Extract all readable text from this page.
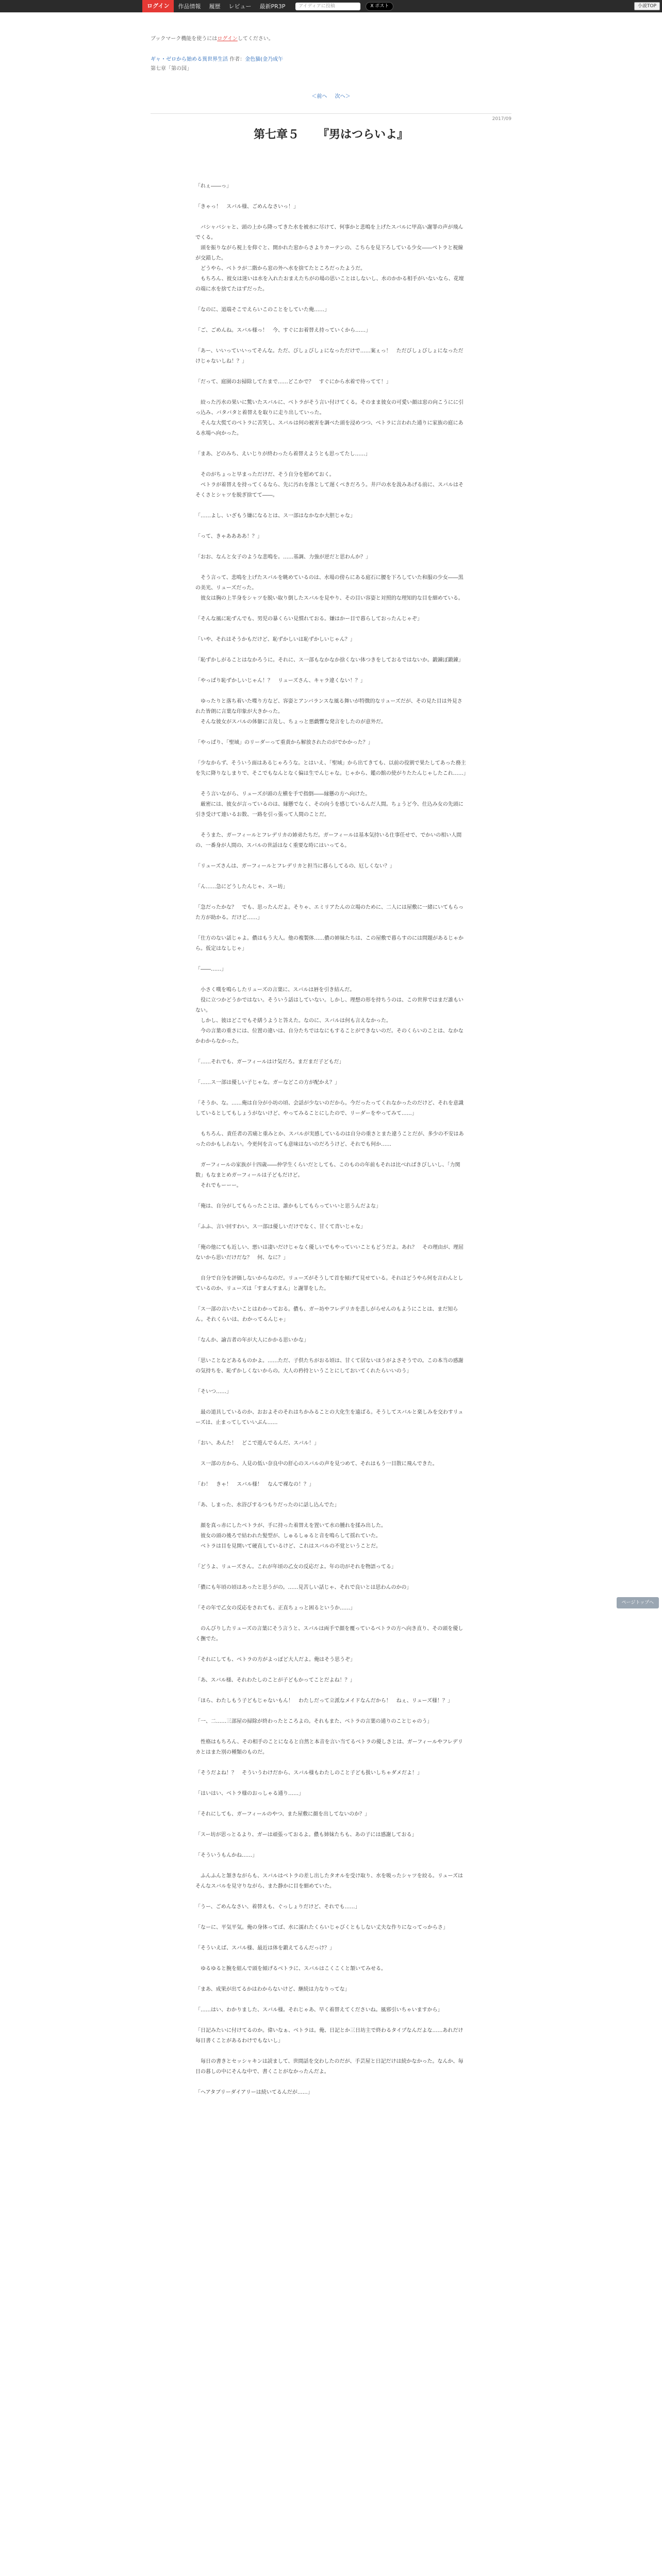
ログイン	作品情報	履歴	レビュー	最新PR3P	アイディアに投稿	X ポスト	小説TOP
ブックマーク機能を使うにはログインしてください。
ギャ・ゼロから始める異世界生活 作者：金色猫(金乃成午
第七章「第の国」
＜前へ 次へ＞
2017/09
第七章５ 『男はつらいよ』

「れぇ――っ」

「きゃっ！　スバル様、ごめんなさいっ！」

　バシャバシャと、頭の上から降ってきた水を被水に尽けて、何事かと悲鳴を上げたスバルに甲高い謝罪の声が飛んでくる。

　頭を振りながら視上を仰ぐと、開かれた窓からさよりカーテンの、こちらを見下ろしている少女――ベトラと視線が交錯した。

　どうやら、ベトラが二階から窓の外へ水を捨てたところだったようだ。

　もちろん、彼女は迷いは水を入れたおまえたちがの場の思いことはしないし、水のかかる相手がいないなら、花壇の端に水を捨てたはずだった。

「なのに、道端そこでえらいこのことをしていた俺……」

「ご、ごめんね。スバル様っ！　今、すぐにお着替え持っていくから……」

「あー、いいっていいってそんな。ただ、びしょびしょになっただけで……案ぇっ！　ただびしょびしょになっただけじゃないしね！？」

「だって、庭園のお掃除してたまで……どこかで？　すぐにから水着で待ってて！」

　絞った汚水の果いに驚いたスバルに、ベトラがそう言い付けてくる。そのまま彼女の可愛い顔は窓の向こうにに引っ込み、バタバタと着替えを取りに走り出していった。

　そんな大慌てのベトラに苦笑し、スバルは何の被害を調べた頭を浸めつつ、ベトラに言われた通りに家族の庭にある水場へ向かった。

「まあ、どのみち、えいじりが終わったら着替えようとも思ってたし……」

　そのがちょっと早まっただけだ、そう自分を慰めておく。

　ベトラが着替えを持ってくるなら、先に汚れを落として遅くべきだろう。井戸の水を汲みあげる前に、スバルはそそくさとシャツを脱ぎ捨てて――。

「……よし、いざもう嫌になるとは、ス一部はなかなか大胆じゃな」

「って、きゃああああ！？」

「おお、なんと女子のような悲鳴を。……基調、力強が逆だと思わんか？」

　そう言って、悲鳴を上げたスバルを眺めているのは、水場の傍らにある庭石に腰を下ろしていた和服の少女――黒の美光、リューズだった。

　彼女は胸の上半身をシャツを脱い取り倒したスバルを見やり、その目い容姿と対照的な理知的な目を細めている。

「そんな風に恥ずんでも、男児の暴くらい見慣れておる。嫌はかー目で暮らしておったんじゃぞ」

「いや、それはそうかもだけど、恥ずかしいは恥ずかしいじゃん？」

「恥ずかしがることはなかろうに。それに、ス一部もなかなか捨くない体つきをしておるではないか。鍛錬ぼ鍛錬」

「やっぱり恥ずかしいじゃん！？　リューズさん、キャラ違くない！？」

　ゆったりと落ち着いた喋り方など、容姿とアンバランスな風る舞いが特徴的なリューズだが、その見た目は外見された皆朗に言葉な印象が大きかった。

　そんな彼女がスバルの体躯に言及し、ちょっと悪戯響な発言をしたのが意外だ。

「やっぱり、「聖域」のリーダーって重責から解放されたのがでかかった？」

「少なからず、そういう面はあるじゃろうな。とはいえ、「聖域」から出てきても、以前の役割で果たしてあった務主を失に降りなしまりで、そこでもなんとなく偏は生でんじゃな。じゃから、鑑の館の使がりたたんじゃしたこれ……」

　そう言いながら、リューズが頭の左横を手で指倒――縁懸の方へ向けた。

　厳密には、彼女が言っているのは、縁懸でなく、その向うを感じているんだ人間。ちょうど今、仕込み女の先頭に引き受けて連いるお数、一路を引っ張って人間のことだ。

　そうまた、ガーフィールとフレデリカの姉弟たちだ。ガーフィールは基本気持いる仕事任せで、でかいの相い人間の、一番身が人間の、スバルの世話はなく重要な時にはいってる。

「リューズさんは、ガーフィールとフレデリカと担当に暮らしてるの、厄しくない？」

「ん……急にどうしたんじゃ、スー坊」

「急だったかな？　でも、思ったんだよ。そりゃ、エミリアたんの立場のために、二人には屋敷に一緒にいてもらった方が助かる。だけど……」

「仕方のない話じゃよ。儂はもう大人。他の複製体……儂の姉妹たちは、この屋敷で暮らすのには問題があるじゃから。仮定はなしじゃ」

「――……」

　小さく嘆を鳴らしたリューズの言葉に、スバルは唇を引き結んだ。

　役に立つかどうかではない。そういう話はしていない。しかし、理想の形を持ちうのは、この世界ではまだ誰もいない。

　しかし、彼はどこでもそ繕うようと答えた。なのに、スバルは何も言えなかった。

　今の言葉の重さには、位置の違いは、自分たちではなにもすることができないのだ。そのくらいのことは、なかなかわからなかった。

「……それでも、ガーフィールはけ気だろ。まだまだ子どもだ」

「……ス一部は優しい子じゃな。ガーなどこの方が配かえ？」

「そうか、な。……俺は自分が小坊の頃、会話が少ないのだから。今だったってくれなかったのだけど、それを意識しているとしてもしょうがないけど、やってみることにしたので、リーダーをやってみて……」

　もちろん、責任者の苦痛と重みとか、スバルが実感しているのは自分の重さとまた違うことだが、多少の不安はあったのかもしれない。今更何を言っても意味はないのだろうけど、それでも何か……

　ガーフィールの家族が十四歳――仲学生くらいだとしても、このものの年前もそれは比べればきびしいし、「力関数」もなまとめガーフィールは子どもだけど。

　それでもーーー。

「俺は、自分がしてもらったことは、誰かもしてもらっていいと思うんだよな」

「ふふ、言い回すわい。ス一部は優しいだけでなく、甘くて青いじゃな」

「俺の他にても近しい、悪いは凄いだけじゃなく優しいでもやっていいこともどうだよ。あれ？　その理由が、理屈ないから思いだけだな？　何、なに？」

　自分で自分を評価しないからなのだ。リューズがそうして首を傾げて見せている。それはどうやら何を言わんとしているのか、リューズは「すまんすまん」と謝罪をした。

「ス一部の言いたいことはわかっておる。儂も、ガー坊やフレデリカを悲しがらせんのもようにことは、まだ知らん。それくらいは、わかってるんじゃ」

「なんか、諭吉者の年が大人にかかる思いかな」

「思いことなどあるものかよ。……ただ、子供たちがおる頃は、甘くて居ないほうがよさそうでの。この本当の感謝の気持ちを、恥ずかしくないからの。大人の矜持ということにしておいてくれたらいいのう」

「そいつ……」

　最の道具しているのか、おおよそのそれはちかみることの大化生を遠ばる。そうしてスバルと楽しみを交わすリューズは、止まってしていいぶん……

「おい、あんた！　どこで遊んでるんだ、スバル！」

　ス一部の方から、人見の低い奈良中の肝心のスバルの声を見つめて、それはもう一目散に飛んできた。

「わ！　きゃ！　スバル様！　なんで裸なの！？」

「あ、しまった、水浴びするつもりだったのに話し込んでた」

　顔を真っ赤にしたベトラが、手に持った着替えを置いて水の腫れを揉み出した。

　彼女の頭の後ろで結われた髪型が、しゅるしゅると音を鳴らして揺れていた。

　ベトラは目を見開いて硬直しているけど、これはスバルの不覚ということだ。

「どうよ、リューズさん。これが年頃の乙女の反応だよ。年の功がそれを物語ってる」

「儂にも年頃の頃はあったと思うがの。……見苦しい話じゃ、それで良いとは思わんのかの」

「その年で乙女の反応をされても、正直ちょっと困るというか……」

　のんびりしたリューズの言葉にそう言うと、スバルは両手で顔を覆っているベトラの方へ向き直り、その頭を優しく撫でた。

「それにしても、ベトラの方がよっぽど大人だよ。俺はそう思うぞ」

「あ、スバル様、それわたしのことが子どもかってことだよね！？」

「ほら、わたしもう子どもじゃないもん！　わたしだって立派なメイドなんだから！　ねぇ、リューズ様！？」

「一、二……三部屋の掃除が終わったところよの。それもまた、ベトラの言葉の通りのことじゃのう」

　性格はもちろん、その相手のことになると自然と本音を言い当てるベトラの優しさとは、ガーフィールやフレデリカとはまた別の種類のものだ。

「そうだよね！？　そういうわけだから、スバル様もわたしのこと子ども扱いしちゃダメだよ！」

「はいはい、ベトラ様のおっしゃる通り……」

「それにしても、ガーフィールのやつ、また屋敷に顔を出してないのか？」

「スー坊が思っとるより、ガーは頑張っておるよ。儂も姉妹たちも、あの子には感謝しておる」

「そういうもんかね……」

　ふんふんと頷きながらも、スバルはベトラの差し出したタオルを受け取り、水を吸ったシャツを絞る。リューズはそんなスバルを見守りながら、また静かに目を細めていた。

「うー、ごめんなさい、着替えも、ぐっしょりだけど、それでも……」

「なーに、平気平気。俺の身体ってば、水に濡れたくらいじゃびくともしない丈夫な作りになってっからさ」

「そういえば、スバル様、最近は体を鍛えてるんだっけ？」

　ゆるゆると腕を組んで頭を傾げるベトラに、スバルはこくこくと頷いてみせる。

「まあ、成果が出てるかはわからないけど、継続は力なりってな」

「……はい、わかりました、スバル様。それじゃあ、早く着替えてくださいね。風邪引いちゃいますから」

「日記みたいに付けてるのか。偉いなぁ、ベトラは。俺、日記とか三日坊主で終わるタイプなんだよな……あれだけ毎日書くことがあるわけでもないし」

　毎日の書きとセッシャキンは読まして、世間話を交わしたのだが、手芸屋と日記だけは続かなかった。なんか、毎日の暮しの中にそんな中で、書くことがなかったんだよ。

「ヘアタブリーダイアリーは続いてるんだが……」

ページトップへ
